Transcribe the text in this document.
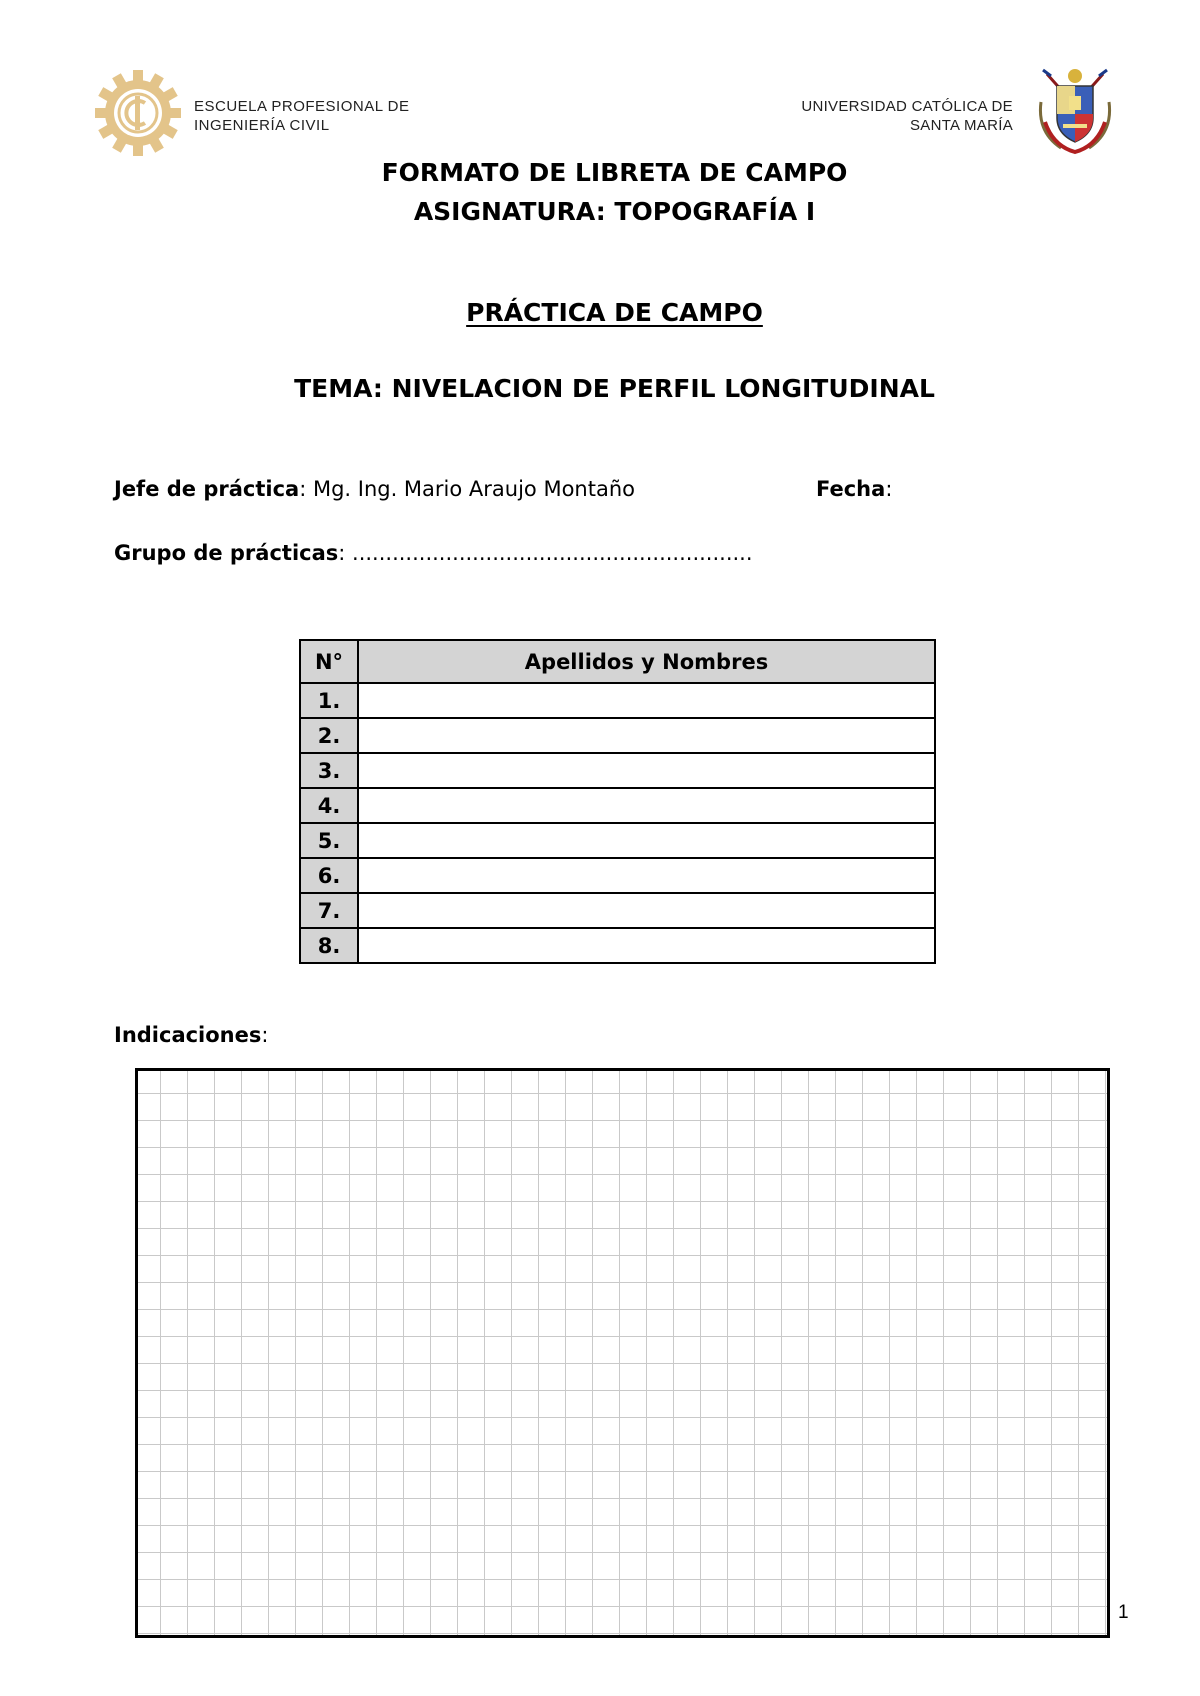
ESCUELA PROFESIONAL DE
INGENIERÍA CIVIL
UNIVERSIDAD CATÓLICA DE
SANTA MARÍA
FORMATO DE LIBRETA DE CAMPO
ASIGNATURA: TOPOGRAFÍA I
PRÁCTICA DE CAMPO
TEMA: NIVELACION DE PERFIL LONGITUDINAL
Jefe de práctica: Mg. Ing. Mario Araujo Montaño	Fecha:
Grupo de prácticas: ............................................................
N°	Apellidos y Nombres
1.	
2.	
3.	
4.	
5.	
6.	
7.	
8.	
Indicaciones:
1
